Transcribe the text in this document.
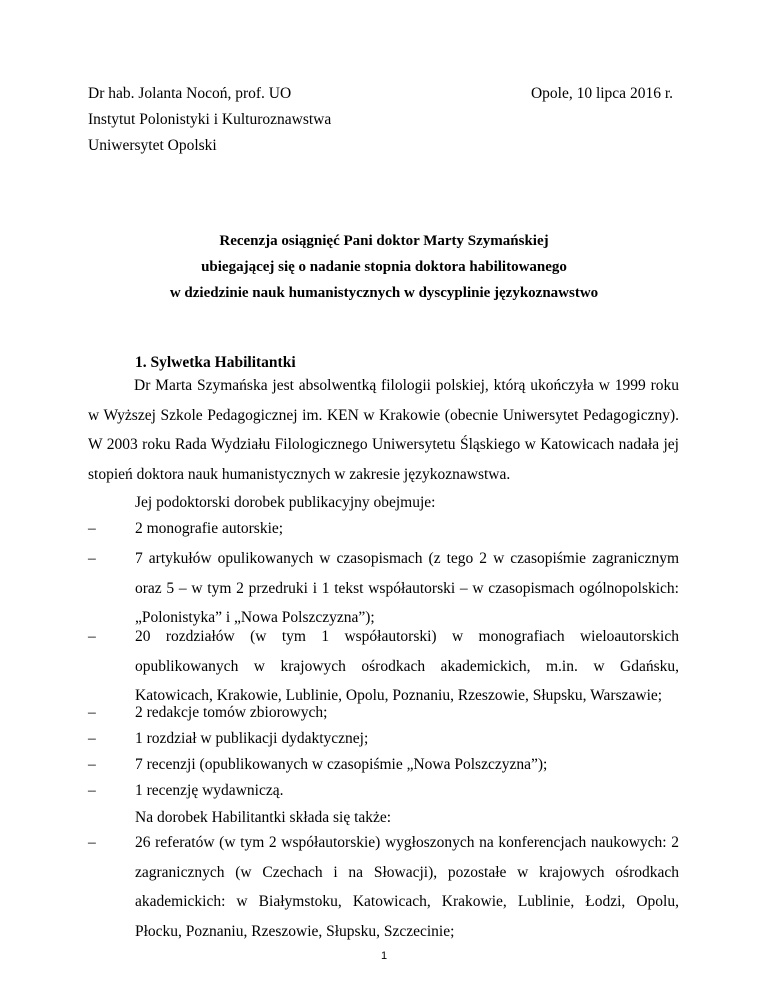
Dr hab. Jolanta Nocoń, prof. UO	Opole, 10 lipca 2016 r.
Instytut Polonistyki i Kulturoznawstwa
Uniwersytet Opolski
Recenzja osiągnięć Pani doktor Marty Szymańskiej
ubiegającej się o nadanie stopnia doktora habilitowanego
w dziedzinie nauk humanistycznych w dyscyplinie językoznawstwo
1. Sylwetka Habilitantki
Dr Marta Szymańska jest absolwentką filologii polskiej, którą ukończyła w 1999 roku w Wyższej Szkole Pedagogicznej im. KEN w Krakowie (obecnie Uniwersytet Pedagogiczny). W 2003 roku Rada Wydziału Filologicznego Uniwersytetu Śląskiego w Katowicach nadała jej stopień doktora nauk humanistycznych w zakresie językoznawstwa.
Jej podoktorski dorobek publikacyjny obejmuje:
–	2 monografie autorskie;
–	7 artykułów opulikowanych w czasopismach (z tego 2 w czasopiśmie zagranicznym oraz 5 – w tym 2 przedruki i 1 tekst współautorski – w czasopismach ogólnopolskich: „Polonistyka” i „Nowa Polszczyzna”);
–	20 rozdziałów (w tym 1 współautorski) w monografiach wieloautorskich opublikowanych w krajowych ośrodkach akademickich, m.in. w Gdańsku, Katowicach, Krakowie, Lublinie, Opolu, Poznaniu, Rzeszowie, Słupsku, Warszawie;
–	2 redakcje tomów zbiorowych;
–	1 rozdział w publikacji dydaktycznej;
–	7 recenzji (opublikowanych w czasopiśmie „Nowa Polszczyzna”);
–	1 recenzję wydawniczą.
Na dorobek Habilitantki składa się także:
–	26 referatów (w tym 2 współautorskie) wygłoszonych na konferencjach naukowych: 2 zagranicznych (w Czechach i na Słowacji), pozostałe w krajowych ośrodkach akademickich: w Białymstoku, Katowicach, Krakowie, Lublinie, Łodzi, Opolu, Płocku, Poznaniu, Rzeszowie, Słupsku, Szczecinie;
1
